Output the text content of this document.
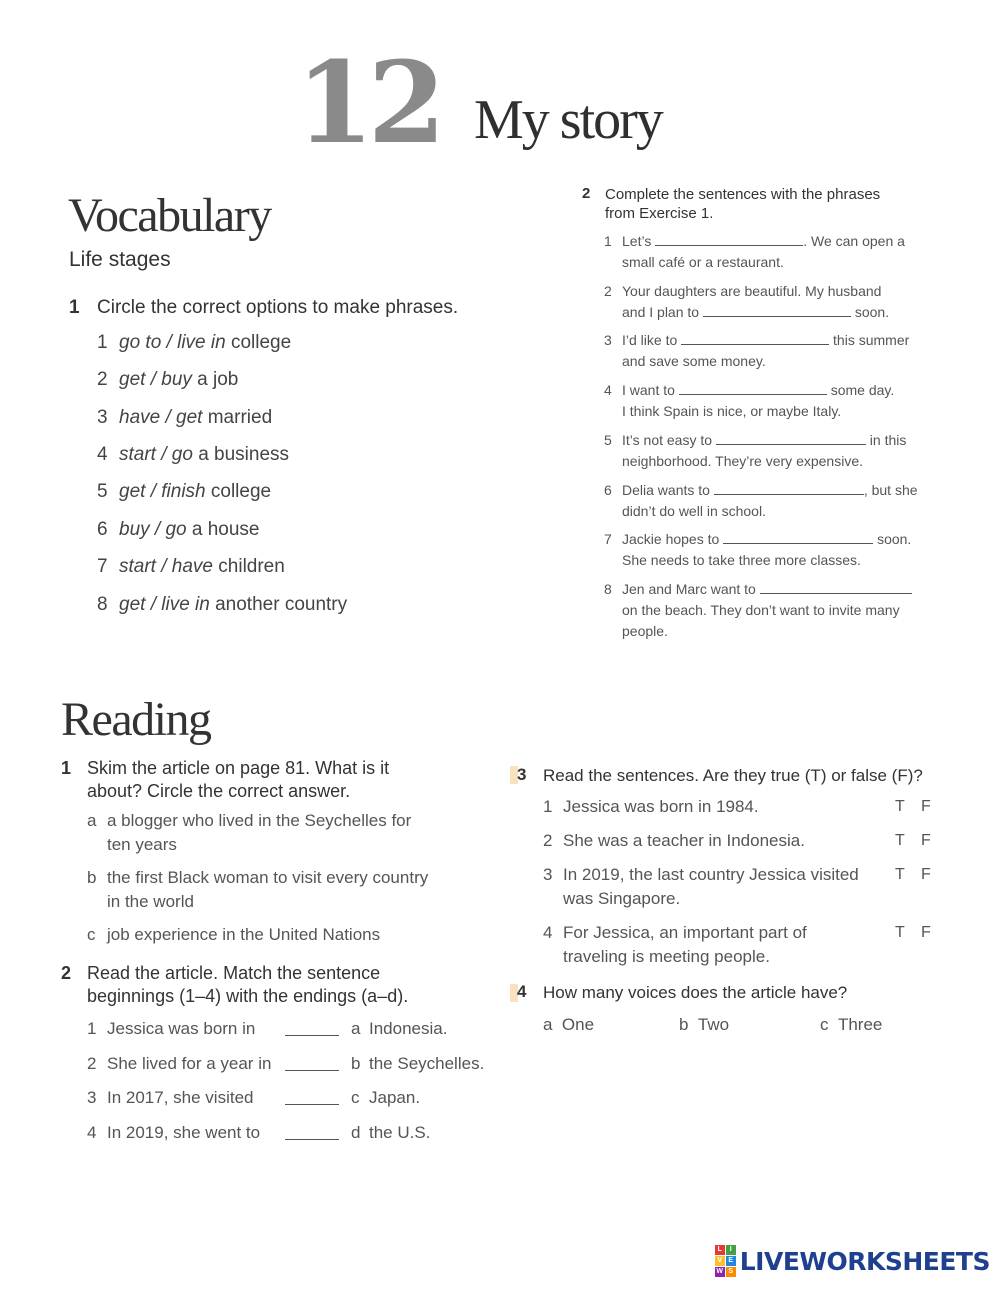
12 My story
Vocabulary
Life stages
1 Circle the correct options to make phrases.
1 go to / live in college
2 get / buy a job
3 have / get married
4 start / go a business
5 get / finish college
6 buy / go a house
7 start / have children
8 get / live in another country
2 Complete the sentences with the phrases
from Exercise 1.
1 Let’s	. We can open a
small café or a restaurant.
2 Your daughters are beautiful. My husband
and I plan to	soon.
3 I’d like to	this summer
and save some money.
4 I want to	some day.
I think Spain is nice, or maybe Italy.
5 It’s not easy to	in this
neighborhood. They’re very expensive.
6 Delia wants to	, but she
didn’t do well in school.
7 Jackie hopes to	soon.
She needs to take three more classes.
8 Jen and Marc want to
on the beach. They don’t want to invite many
people.
Reading
1 Skim the article on page 81. What is it
about? Circle the correct answer.
a a blogger who lived in the Seychelles for
ten years
b the first Black woman to visit every country
in the world
c job experience in the United Nations
2 Read the article. Match the sentence
beginnings (1–4) with the endings (a–d).
1 Jessica was born in	a Indonesia.
2 She lived for a year in	b the Seychelles.
3 In 2017, she visited	c Japan.
4 In 2019, she went to	d the U.S.
3 Read the sentences. Are they true (T) or false (F)?
1 Jessica was born in 1984.	T F
2 She was a teacher in Indonesia.	T F
3 In 2019, the last country Jessica visited
was Singapore.
T F
4 For Jessica, an important part of
traveling is meeting people.
T F
4 How many voices does the article have?
a One	b Two	c Three
L	I
V E
W S LIVEWORKSHEETS
